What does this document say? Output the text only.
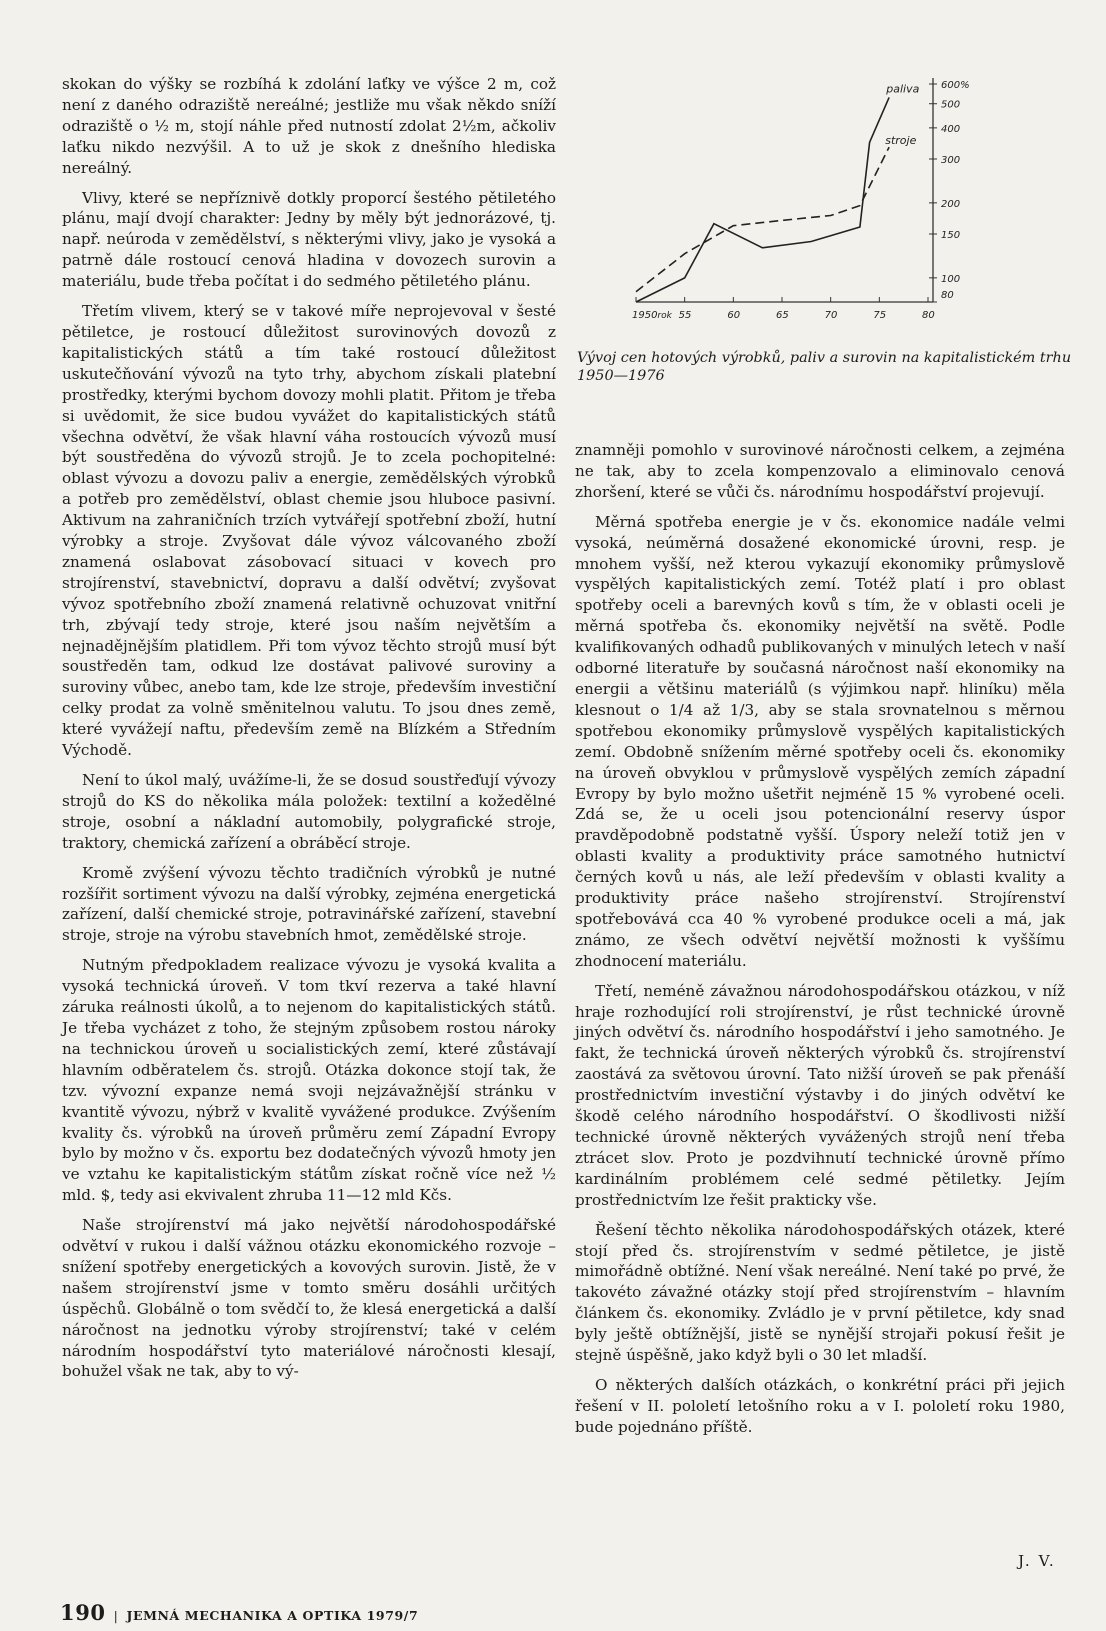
skokan do výšky se rozbíhá k zdolání laťky ve výšce 2 m, což není z daného odraziště nereálné; jestliže mu však někdo sníží odraziště o ½ m, stojí náhle před nutností zdolat 2½m, ačkoliv laťku nikdo nezvýšil. A to už je skok z dnešního hlediska nereálný.

Vlivy, které se nepříznivě dotkly proporcí šestého pětiletého plánu, mají dvojí charakter: Jedny by měly být jednorázové, tj. např. neúroda v zemědělství, s některými vlivy, jako je vysoká a patrně dále rostoucí cenová hladina v dovozech surovin a materiálu, bude třeba počítat i do sedmého pětiletého plánu.

Třetím vlivem, který se v takové míře neprojevoval v šesté pětiletce, je rostoucí důležitost surovinových dovozů z kapitalistických států a tím také rostoucí důležitost uskutečňování vývozů na tyto trhy, abychom získali platební prostředky, kterými bychom dovozy mohli platit. Přitom je třeba si uvědomit, že sice budou vyvážet do kapitalistických států všechna odvětví, že však hlavní váha rostoucích vývozů musí být soustředěna do vývozů strojů. Je to zcela pochopitelné: oblast vývozu a dovozu paliv a energie, zemědělských výrobků a potřeb pro zemědělství, oblast chemie jsou hluboce pasivní. Aktivum na zahraničních trzích vytvářejí spotřební zboží, hutní výrobky a stroje. Zvyšovat dále vývoz válcovaného zboží znamená oslabovat zásobovací situaci v kovech pro strojírenství, stavebnictví, dopravu a další odvětví; zvyšovat vývoz spotřebního zboží znamená relativně ochuzovat vnitřní trh, zbývají tedy stroje, které jsou naším největším a nejnadějnějším platidlem. Při tom vývoz těchto strojů musí být soustředěn tam, odkud lze dostávat palivové suroviny a suroviny vůbec, anebo tam, kde lze stroje, především investiční celky prodat za volně směnitelnou valutu. To jsou dnes země, které vyvážejí naftu, především země na Blízkém a Středním Východě.

Není to úkol malý, uvážíme-li, že se dosud soustřeďují vývozy strojů do KS do několika mála položek: textilní a kožedělné stroje, osobní a nákladní automobily, polygrafické stroje, traktory, chemická zařízení a obráběcí stroje.

Kromě zvýšení vývozu těchto tradičních výrobků je nutné rozšířit sortiment vývozu na další výrobky, zejména energetická zařízení, další chemické stroje, potravinářské zařízení, stavební stroje, stroje na výrobu stavebních hmot, zemědělské stroje.

Nutným předpokladem realizace vývozu je vysoká kvalita a vysoká technická úroveň. V tom tkví rezerva a také hlavní záruka reálnosti úkolů, a to nejenom do kapitalistických států. Je třeba vycházet z toho, že stejným způsobem rostou nároky na technickou úroveň u socialistických zemí, které zůstávají hlavním odběratelem čs. strojů. Otázka dokonce stojí tak, že tzv. vývozní expanze nemá svoji nejzávažnější stránku v kvantitě vývozu, nýbrž v kvalitě vyvážené produkce. Zvýšením kvality čs. výrobků na úroveň průměru zemí Západní Evropy bylo by možno v čs. exportu bez dodatečných vývozů hmoty jen ve vztahu ke kapitalistickým státům získat ročně více než ½ mld. $, tedy asi ekvivalent zhruba 11—12 mld Kčs.

Naše strojírenství má jako největší národohospodářské odvětví v rukou i další vážnou otázku ekonomického rozvoje – snížení spotřeby energetických a kovových surovin. Jistě, že v našem strojírenství jsme v tomto směru dosáhli určitých úspěchů. Globálně o tom svědčí to, že klesá energetická a další náročnost na jednotku výroby strojírenství; také v celém národním hospodářství tyto materiálové náročnosti klesají, bohužel však ne tak, aby to vý-

1950 55	60	65	70	75	80
rok
80
100
150
200
300
400
500
600%
paliva
stroje
Vývoj cen hotových výrobků, paliv a surovin na kapitalistickém trhu 1950—1976

znamněji pomohlo v surovinové náročnosti celkem, a zejména ne tak, aby to zcela kompenzovalo a eliminovalo cenová zhoršení, které se vůči čs. národnímu hospodářství projevují.

Měrná spotřeba energie je v čs. ekonomice nadále velmi vysoká, neúměrná dosažené ekonomické úrovni, resp. je mnohem vyšší, než kterou vykazují ekonomiky průmyslově vyspělých kapitalistických zemí. Totéž platí i pro oblast spotřeby oceli a barevných kovů s tím, že v oblasti oceli je měrná spotřeba čs. ekonomiky největší na světě. Podle kvalifikovaných odhadů publikovaných v minulých letech v naší odborné literatuře by současná náročnost naší ekonomiky na energii a většinu materiálů (s výjimkou např. hliníku) měla klesnout o 1/4 až 1/3, aby se stala srovnatelnou s měrnou spotřebou ekonomiky průmyslově vyspělých kapitalistických zemí. Obdobně snížením měrné spotřeby oceli čs. ekonomiky na úroveň obvyklou v průmyslově vyspělých zemích západní Evropy by bylo možno ušetřit nejméně 15 % vyrobené oceli. Zdá se, že u oceli jsou potencionální reservy úspor pravděpodobně podstatně vyšší. Úspory neleží totiž jen v oblasti kvality a produktivity práce samotného hutnictví černých kovů u nás, ale leží především v oblasti kvality a produktivity práce našeho strojírenství. Strojírenství spotřebovává cca 40 % vyrobené produkce oceli a má, jak známo, ze všech odvětví největší možnosti k vyššímu zhodnocení materiálu.

Třetí, neméně závažnou národohospodářskou otázkou, v níž hraje rozhodující roli strojírenství, je růst technické úrovně jiných odvětví čs. národního hospodářství i jeho samotného. Je fakt, že technická úroveň některých výrobků čs. strojírenství zaostává za světovou úrovní. Tato nižší úroveň se pak přenáší prostřednictvím investiční výstavby i do jiných odvětví ke škodě celého národního hospodářství. O škodlivosti nižší technické úrovně některých vyvážených strojů není třeba ztrácet slov. Proto je pozdvihnutí technické úrovně přímo kardinálním problémem celé sedmé pětiletky. Jejím prostřednictvím lze řešit prakticky vše.

Řešení těchto několika národohospodářských otázek, které stojí před čs. strojírenstvím v sedmé pětiletce, je jistě mimořádně obtížné. Není však nereálné. Není také po prvé, že takovéto závažné otázky stojí před strojírenstvím – hlavním článkem čs. ekonomiky. Zvládlo je v první pětiletce, kdy snad byly ještě obtížnější, jistě se nynější strojaři pokusí řešit je stejně úspěšně, jako když byli o 30 let mladší.

O některých dalších otázkách, o konkrétní práci při jejich řešení v II. pololetí letošního roku a v I. pololetí roku 1980, bude pojednáno příště.

J. V.
190 | JEMNÁ MECHANIKA A OPTIKA 1979/7
